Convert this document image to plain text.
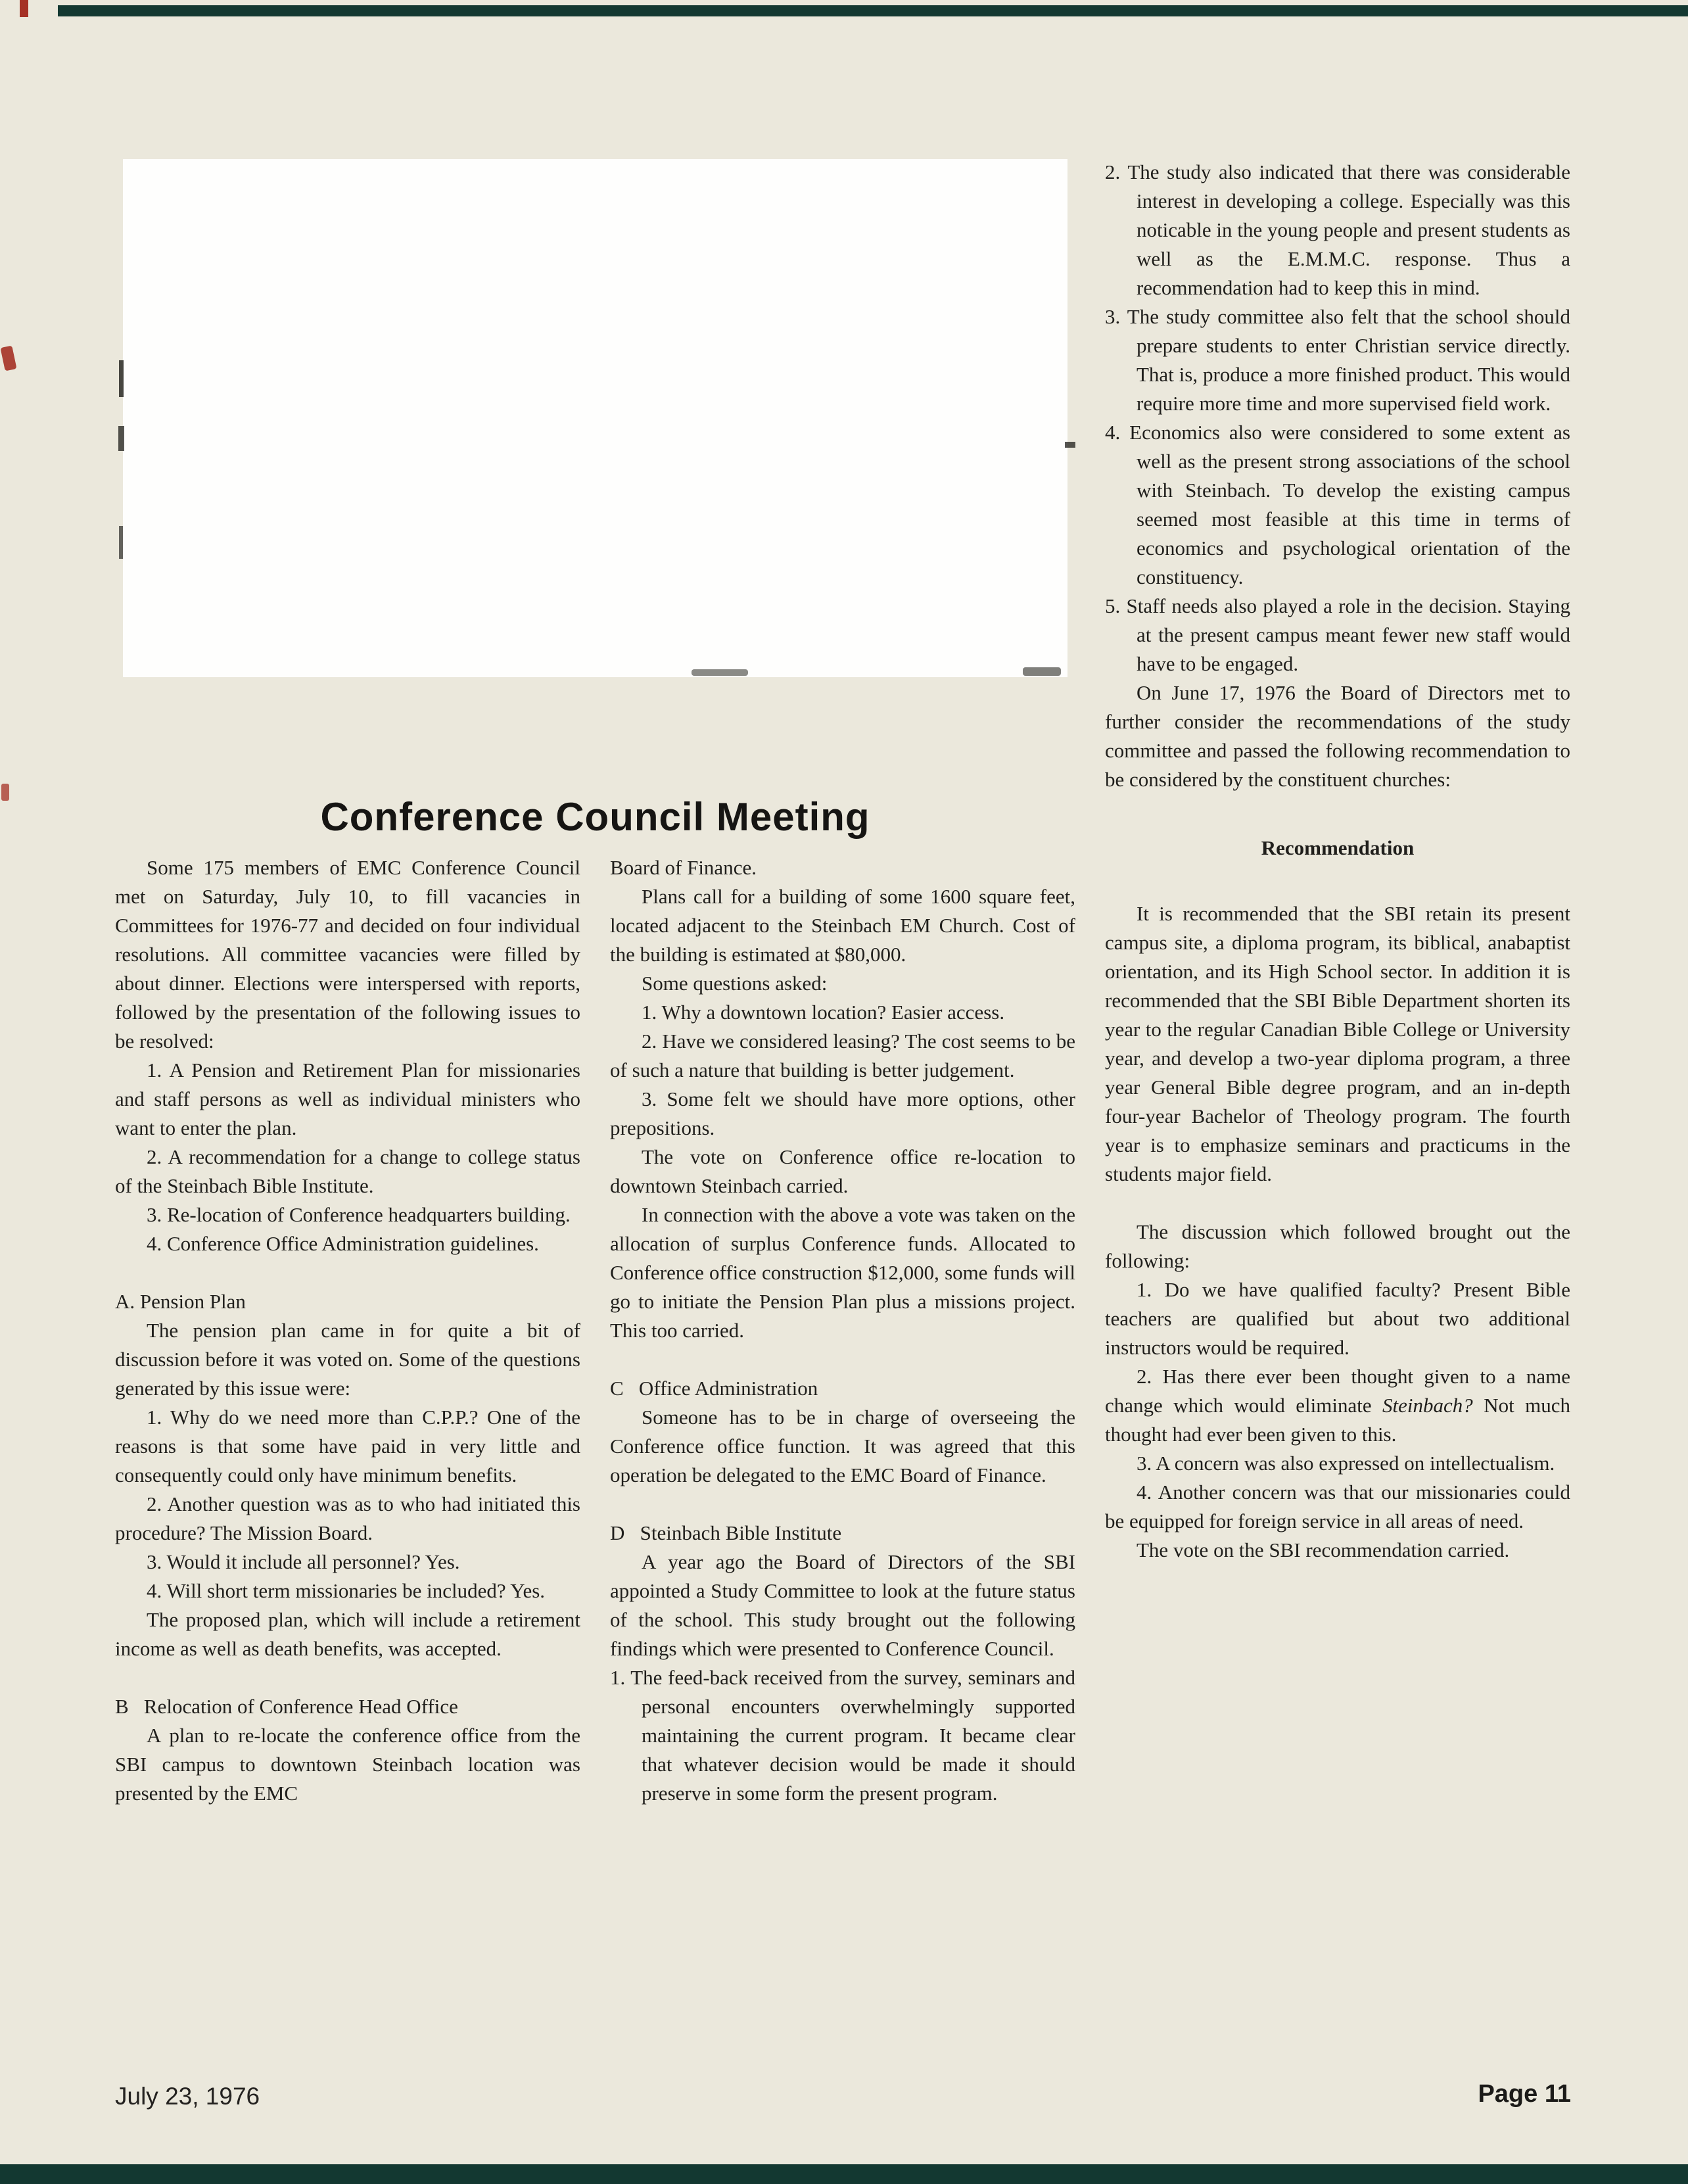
Conference Council Meeting

Some 175 members of EMC Conference Council met on Saturday, July 10, to fill vacancies in Committees for 1976-77 and decided on four individual resolutions. All committee vacancies were filled by about dinner. Elections were interspersed with reports, followed by the presentation of the following issues to be resolved:

1. A Pension and Retirement Plan for missionaries and staff persons as well as individual ministers who want to enter the plan.

2. A recommendation for a change to college status of the Steinbach Bible Institute.

3. Re-location of Conference headquarters building.

4. Conference Office Administration guidelines.

A. Pension Plan

The pension plan came in for quite a bit of discussion before it was voted on. Some of the questions generated by this issue were:

1. Why do we need more than C.P.P.? One of the reasons is that some have paid in very little and consequently could only have minimum benefits.

2. Another question was as to who had initiated this procedure? The Mission Board.

3. Would it include all personnel? Yes.

4. Will short term missionaries be included? Yes.

The proposed plan, which will include a retirement income as well as death benefits, was accepted.

B   Relocation of Conference Head Office

A plan to re-locate the conference office from the SBI campus to downtown Steinbach location was presented by the EMC

Board of Finance.

Plans call for a building of some 1600 square feet, located adjacent to the Steinbach EM Church. Cost of the building is estimated at $80,000.

Some questions asked:

1. Why a downtown location? Easier access.

2. Have we considered leasing? The cost seems to be of such a nature that building is better judgement.

3. Some felt we should have more options, other prepositions.

The vote on Conference office re-location to downtown Steinbach carried.

In connection with the above a vote was taken on the allocation of surplus Conference funds. Allocated to Conference office construction $12,000, some funds will go to initiate the Pension Plan plus a missions project. This too carried.

C   Office Administration

Someone has to be in charge of overseeing the Conference office function. It was agreed that this operation be delegated to the EMC Board of Finance.

D   Steinbach Bible Institute

A year ago the Board of Directors of the SBI appointed a Study Committee to look at the future status of the school. This study brought out the following findings which were presented to Conference Council.

1. The feed-back received from the survey, seminars and personal encounters overwhelmingly supported maintaining the current program. It became clear that whatever decision would be made it should preserve in some form the present program.

2. The study also indicated that there was considerable interest in developing a college. Especially was this noticable in the young people and present students as well as the E.M.M.C. response. Thus a recommendation had to keep this in mind.

3. The study committee also felt that the school should prepare students to enter Christian service directly. That is, produce a more finished product. This would require more time and more supervised field work.

4. Economics also were considered to some extent as well as the present strong associations of the school with Steinbach. To develop the existing campus seemed most feasible at this time in terms of economics and psychological orientation of the constituency.

5. Staff needs also played a role in the decision. Staying at the present campus meant fewer new staff would have to be engaged.

On June 17, 1976 the Board of Directors met to further consider the recommendations of the study committee and passed the following recommendation to be considered by the constituent churches:

Recommendation

It is recommended that the SBI retain its present campus site, a diploma program, its biblical, anabaptist orientation, and its High School sector. In addition it is recommended that the SBI Bible Department shorten its year to the regular Canadian Bible College or University year, and develop a two-year diploma program, a three year General Bible degree program, and an in-depth four-year Bachelor of Theology program. The fourth year is to emphasize seminars and practicums in the students major field.

The discussion which followed brought out the following:

1. Do we have qualified faculty? Present Bible teachers are qualified but about two additional instructors would be required.

2. Has there ever been thought given to a name change which would eliminate Steinbach? Not much thought had ever been given to this.

3. A concern was also expressed on intellectualism.

4. Another concern was that our missionaries could be equipped for foreign service in all areas of need.

The vote on the SBI recommendation carried.

July 23, 1976	Page 11
